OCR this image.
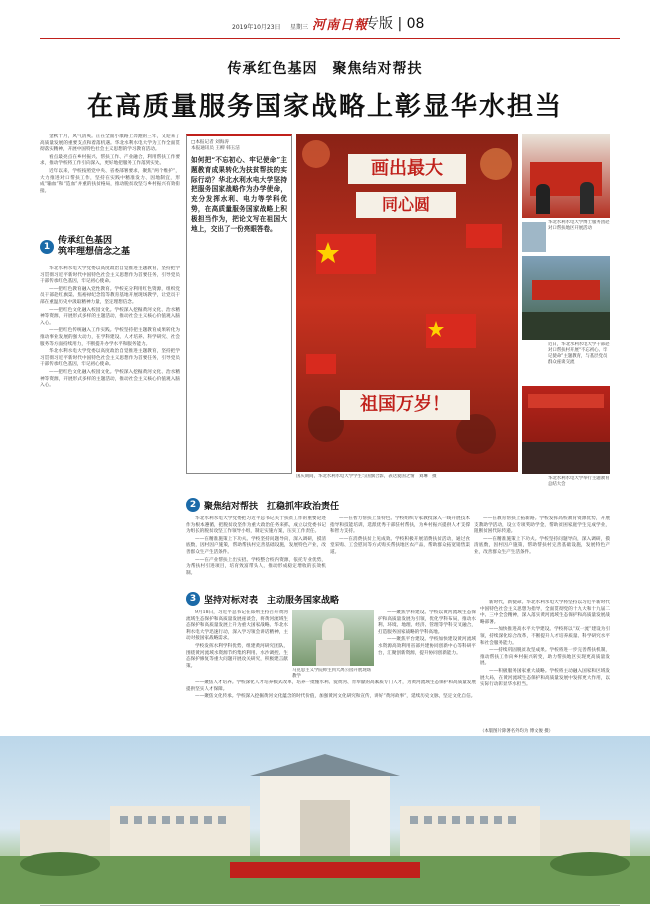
2019年10月23日 星期三 河南日報
专版 | 08
传承红色基因　聚焦结对帮扶
在高质量服务国家战略上彰显华水担当

金秋十月，风气清爽。正在全面小康路上奔跑的三年，又迎来了高质量发展的重要支点和着落机遇。华北水利水电大学为工作全面贯彻落实精神，开展中国特色社会主义思想的学习教育活动。

看点最亮点在乡村振兴、帮扶工作、产业融合，利用帮扶工作要求，推动学校将工作引向深入，更好地把服务工作落到实处。

近年以来，学校按照党中央、省委部署要求，聚焦“两个维护”，大力推进对口帮扶工作，坚持在实践中精准发力、因地制宜，形成“输血”和“造血”并重的扶贫格局，推动脱贫攻坚与乡村振兴有效衔接。

1
传承红色基因
筑牢理想信念之基

华北水利水电大学党委以高度政治自觉推进主题教育，坚持把学习贯彻习近平新时代中国特色社会主义思想作为首要任务，引导党员干部传承红色基因，牢记初心使命。

——把红色教育融入党性教育。学校充分利用红色资源，组织党员干部赴红旗渠、焦裕禄纪念馆等教育基地开展现场教学，让党员干部在重温历史中汲取精神力量，坚定理想信念。

——把红色文化融入校园文化。学校深入挖掘黄河文化、治水精神等资源，开展形式多样的主题活动，推动社会主义核心价值观入脑入心。

——把红色传统融入工作实践。学校坚持把主题教育成果转化为推动事业发展的强大动力，在学科建设、人才培养、科学研究、社会服务等方面持续用力，不断提升办学水平和服务能力。

华北水利水电大学党委以高度政治自觉推进主题教育，坚持把学习贯彻习近平新时代中国特色社会主义思想作为首要任务，引导党员干部传承红色基因，牢记初心使命。

——把红色文化融入校园文化。学校深入挖掘黄河文化、治水精神等资源，开展形式多样的主题活动，推动社会主义核心价值观入脑入心。

□本报记者 刘海涛
本报通讯员 王柳 韩玉洁
如何把“不忘初心、牢记使命”主题教育成果转化为扶贫帮扶的实际行动？华北水利水电大学坚持把服务国家战略作为办学使命，充分发挥水利、电力等学科优势，在高质量服务国家战略上积极担当作为，把论文写在祖国大地上，交出了一份亮眼答卷。
画出最大
同心圆
祖国万岁！
国庆期间，华北水利水电大学学生与国旗合影，表达爱国之情　刘琳　摄
华北水利水电大学博士服务团赴对口帮扶地区开展活动
近日，华北水利水电大学干部赴对口帮扶村开展“不忘初心、牢记使命”主题教育，与基层党员群众座谈交流
华北水利水电大学举行主题教育总结大会
2 聚焦结对帮扶　扛稳抓牢政治责任

华北水利水电大学党委把习近平总书记关于扶贫工作的重要论述作为根本遵循，把脱贫攻坚作为重大政治任务来抓，成立以党委书记为组长的脱贫攻坚工作领导小组，制定实施方案，压实工作责任。

——在精准施策上下功夫。学校坚持问题导向，深入调研，摸清底数，因村因户施策，帮助帮扶村完善基础设施，发展特色产业，改善群众生产生活条件。

——在产业帮扶上出实招。学校整合校内资源，依托专业优势，为帮扶村引进项目，培育致富带头人，推动形成稳定增收的长效机制。

——在智力帮扶上显特色。学校组织专家教授深入一线开展技术指导和技能培训，选派优秀干部驻村帮扶，为乡村振兴提供人才支撑和智力支持。

——在消费扶贫上见成效。学校积极开展消费扶贫活动，通过食堂采购、工会慰问等方式购买帮扶地区农产品，帮助群众拓宽销售渠道。

——在教育帮扶上拓新路。学校发挥高校教育资源优势，开展支教助学活动，设立专项奖助学金，帮助贫困家庭学生完成学业，阻断贫困代际传递。

——在精准施策上下功夫。学校坚持问题导向，深入调研，摸清底数，因村因户施策，帮助帮扶村完善基础设施，发展特色产业，改善群众生产生活条件。

3 坚持对标对表　主动服务国家战略

9月18日，习近平总书记在郑州主持召开黄河流域生态保护和高质量发展座谈会，将黄河流域生态保护和高质量发展上升为重大国家战略。华北水利水电大学迅速行动，深入学习领会讲话精神，主动对接国家战略需求。

学校发挥水利学科优势，组建黄河研究团队，围绕黄河流域水资源节约集约利用、水沙调控、生态保护修复等重大问题开展攻关研究，积极建言献策。

马克思主义学院师生到大禹公园开展现场教学

——聚焦学科建设。学校以黄河流域生态保护和高质量发展为引领，优化学科布局，推动水利、环境、地理、经济、管理等学科交叉融合，打造服务国家战略的学科高地。

——聚焦平台建设。学校加快建设黄河流域水资源高效利用省部共建协同创新中心等科研平台，汇聚创新资源，提升协同创新能力。

——聚焦人才培养。学校深化人才培养模式改革，培养一批懂水利、爱黄河、肯奉献的高素质专门人才，为黄河流域生态保护和高质量发展提供坚实人才保障。

——聚焦文化传承。学校深入挖掘黄河文化蕴含的时代价值，加强黄河文化研究和宣传，讲好“黄河故事”，延续历史文脉，坚定文化自信。

新时代，新使命。华北水利水电大学将坚持以习近平新时代中国特色社会主义思想为指导，全面贯彻党的十九大和十九届二中、三中全会精神，深入落实黄河流域生态保护和高质量发展战略部署。

——加快推进高水平大学建设。学校将以“双一流”建设为引领，持续深化综合改革，不断提升人才培养质量、科学研究水平和社会服务能力。

——持续巩固脱贫攻坚成果。学校将进一步完善帮扶机制，推动帮扶工作向乡村振兴转变，助力帮扶地区实现更高质量发展。

——积极服务国家重大战略。学校将主动融入国家和区域发展大局，在黄河流域生态保护和高质量发展中发挥更大作用，以实际行动彰显华水担当。

（本版图片除署名外均为 傅文俊 摄）
